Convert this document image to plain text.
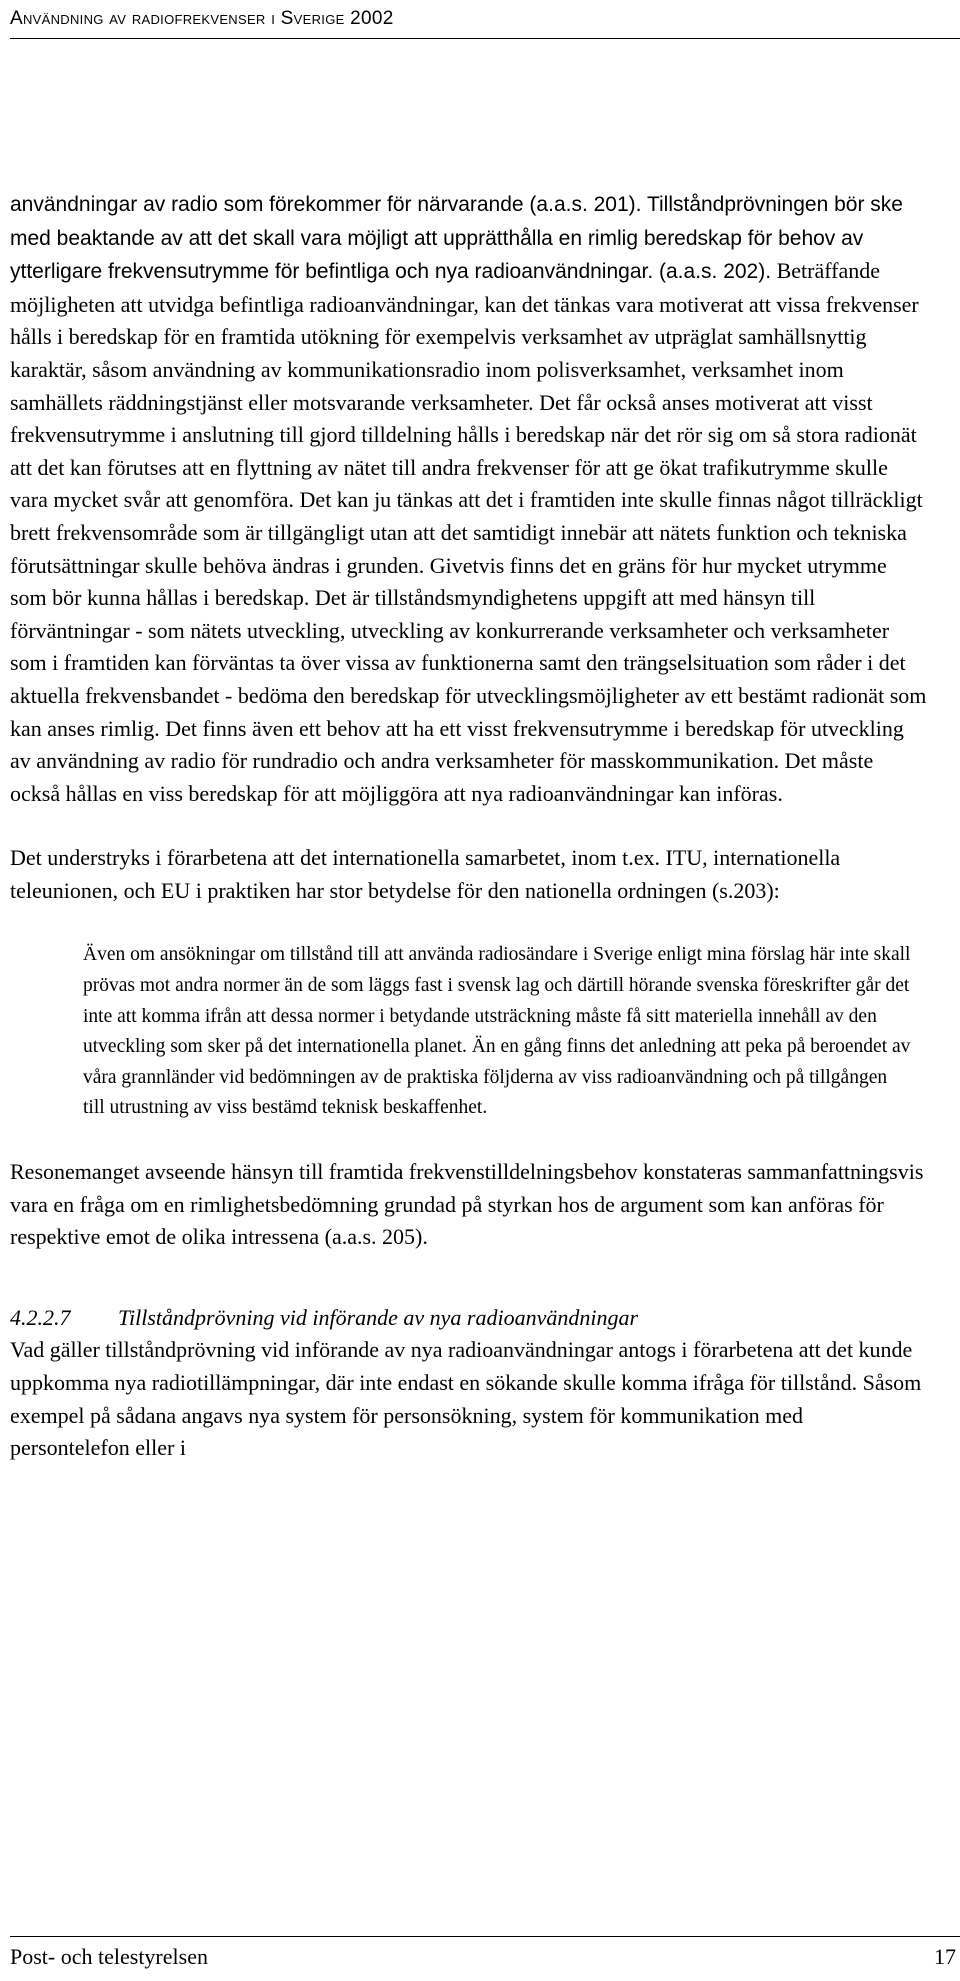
Användning av radiofrekvenser i Sverige 2002

användningar av radio som förekommer för närvarande (a.a.s. 201). Tillståndprövningen bör ske med beaktande av att det skall vara möjligt att upprätthålla en rimlig beredskap för behov av ytterligare frekvensutrymme för befintliga och nya radioanvändningar. (a.a.s. 202). Beträffande möjligheten att utvidga befintliga radioanvändningar, kan det tänkas vara motiverat att vissa frekvenser hålls i beredskap för en framtida utökning för exempelvis verksamhet av utpräglat samhällsnyttig karaktär, såsom användning av kommunikationsradio inom polisverksamhet, verksamhet inom samhällets räddningstjänst eller motsvarande verksamheter. Det får också anses motiverat att visst frekvensutrymme i anslutning till gjord tilldelning hålls i beredskap när det rör sig om så stora radionät att det kan förutses att en flyttning av nätet till andra frekvenser för att ge ökat trafikutrymme skulle vara mycket svår att genomföra. Det kan ju tänkas att det i framtiden inte skulle finnas något tillräckligt brett frekvensområde som är tillgängligt utan att det samtidigt innebär att nätets funktion och tekniska förutsättningar skulle behöva ändras i grunden. Givetvis finns det en gräns för hur mycket utrymme som bör kunna hållas i beredskap. Det är tillståndsmyndighetens uppgift att med hänsyn till förväntningar - som nätets utveckling, utveckling av konkurrerande verksamheter och verksamheter som i framtiden kan förväntas ta över vissa av funktionerna samt den trängselsituation som råder i det aktuella frekvensbandet - bedöma den beredskap för utvecklingsmöjligheter av ett bestämt radionät som kan anses rimlig. Det finns även ett behov att ha ett visst frekvensutrymme i beredskap för utveckling av användning av radio för rundradio och andra verksamheter för masskommunikation. Det måste också hållas en viss beredskap för att möjliggöra att nya radioanvändningar kan införas.

Det understryks i förarbetena att det internationella samarbetet, inom t.ex. ITU, internationella teleunionen, och EU i praktiken har stor betydelse för den nationella ordningen (s.203):

Även om ansökningar om tillstånd till att använda radiosändare i Sverige enligt mina förslag här inte skall prövas mot andra normer än de som läggs fast i svensk lag och därtill hörande svenska föreskrifter går det inte att komma ifrån att dessa normer i betydande utsträckning måste få sitt materiella innehåll av den utveckling som sker på det internationella planet. Än en gång finns det anledning att peka på beroendet av våra grannländer vid bedömningen av de praktiska följderna av viss radioanvändning och på tillgången till utrustning av viss bestämd teknisk beskaffenhet.

Resonemanget avseende hänsyn till framtida frekvenstilldelningsbehov konstateras sammanfattningsvis vara en fråga om en rimlighetsbedömning grundad på styrkan hos de argument som kan anföras för respektive emot de olika intressena (a.a.s. 205).

4.2.2.7	Tillståndprövning vid införande av nya radioanvändningar

Vad gäller tillståndprövning vid införande av nya radioanvändningar antogs i förarbetena att det kunde uppkomma nya radiotillämpningar, där inte endast en sökande skulle komma ifråga för tillstånd. Såsom exempel på sådana angavs nya system för personsökning, system för kommunikation med persontelefon eller i

Post- och telestyrelsen	17
